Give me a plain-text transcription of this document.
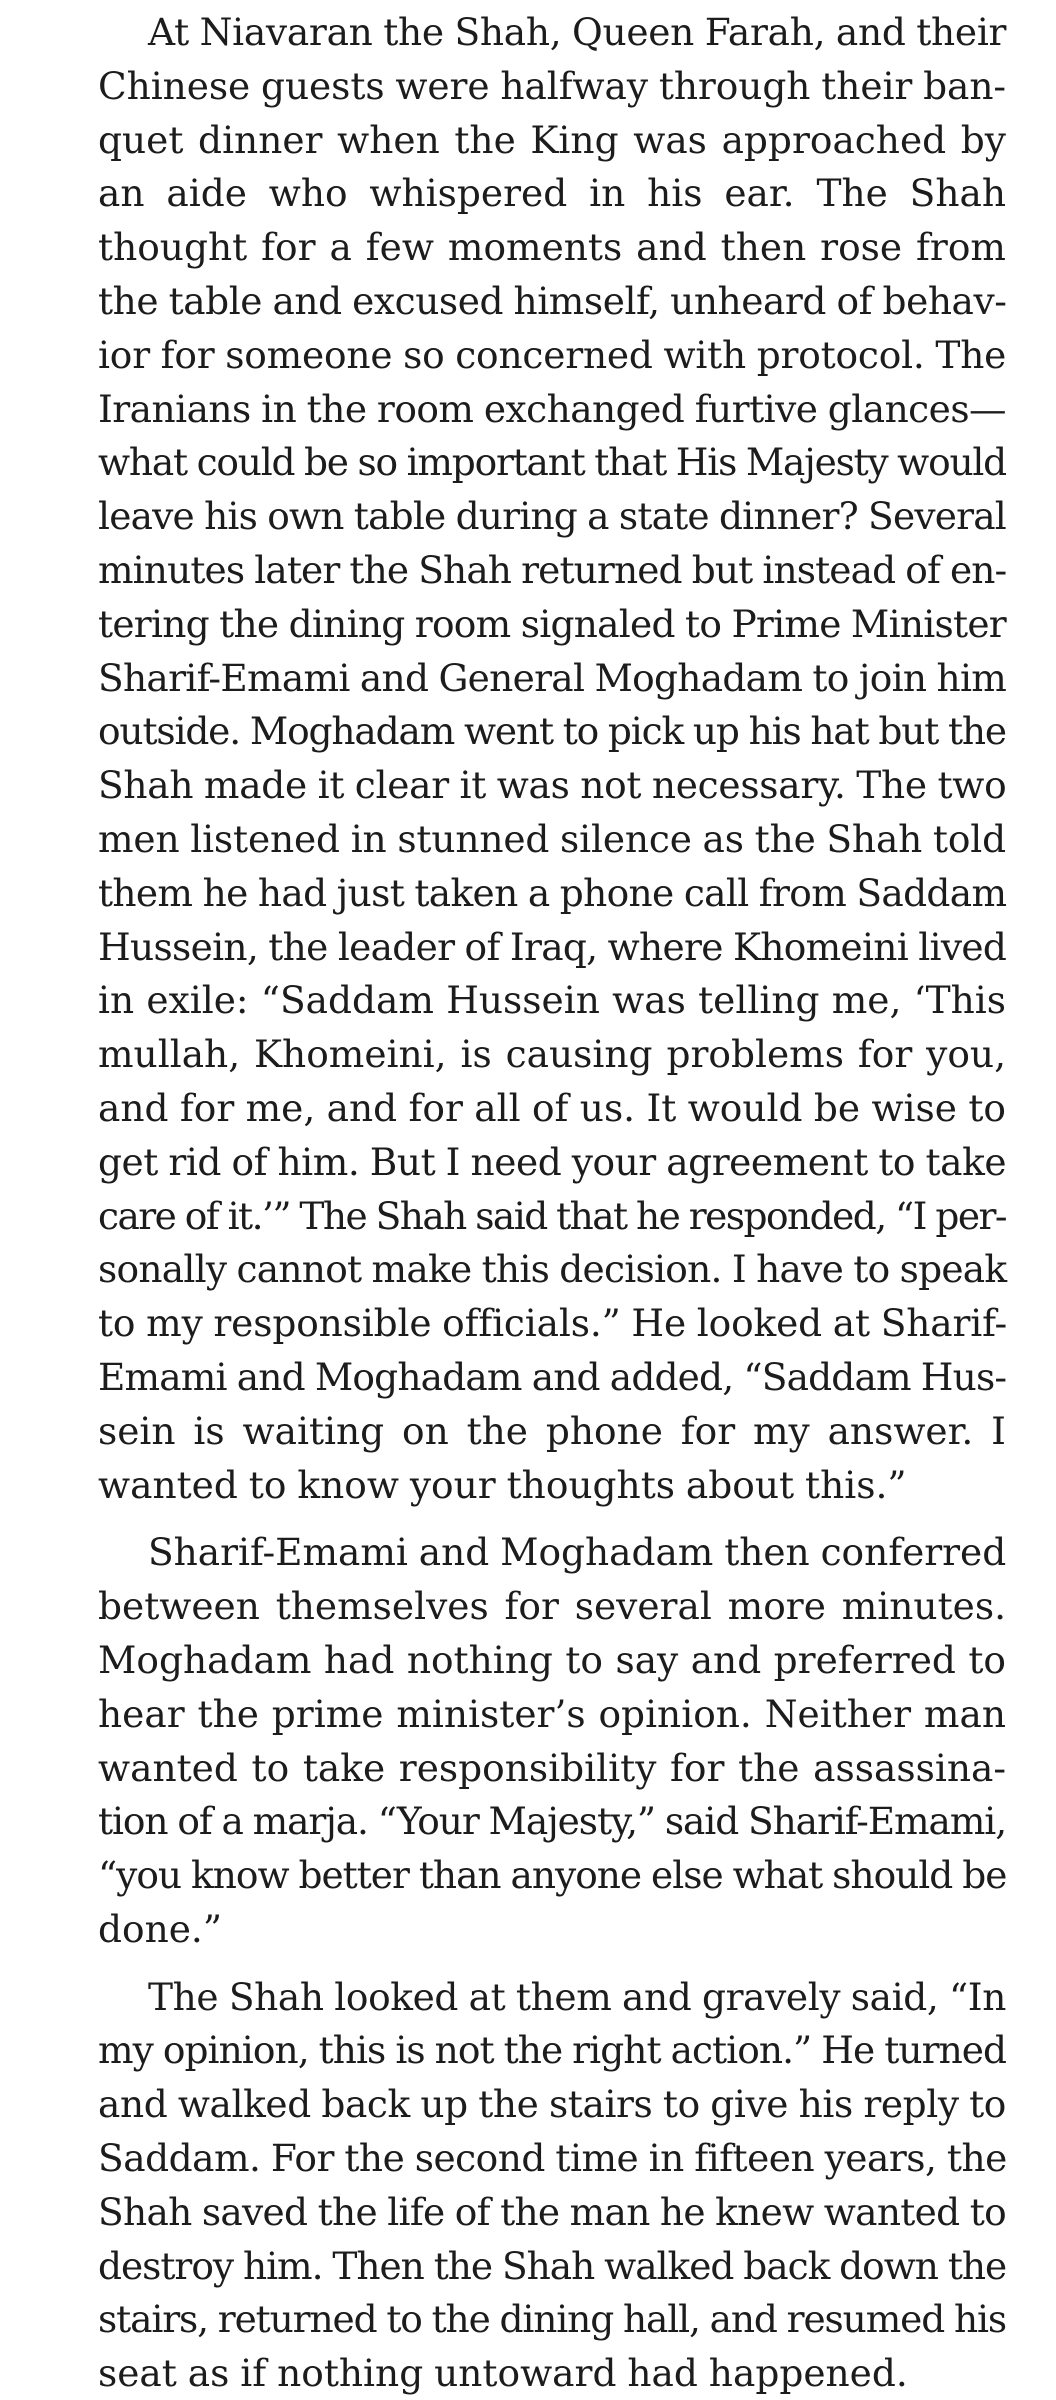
At Niavaran the Shah, Queen Farah, and their
Chinese guests were halfway through their ban-
quet dinner when the King was approached by
an aide who whispered in his ear. The Shah
thought for a few moments and then rose from
the table and excused himself, unheard of behav-
ior for someone so concerned with protocol. The
Iranians in the room exchanged furtive glances—
what could be so important that His Majesty would
leave his own table during a state dinner? Several
minutes later the Shah returned but instead of en-
tering the dining room signaled to Prime Minister
Sharif-Emami and General Moghadam to join him
outside. Moghadam went to pick up his hat but the
Shah made it clear it was not necessary. The two
men listened in stunned silence as the Shah told
them he had just taken a phone call from Saddam
Hussein, the leader of Iraq, where Khomeini lived
in exile: “Saddam Hussein was telling me, ‘This
mullah, Khomeini, is causing problems for you,
and for me, and for all of us. It would be wise to
get rid of him. But I need your agreement to take
care of it.’” The Shah said that he responded, “I per-
sonally cannot make this decision. I have to speak
to my responsible officials.” He looked at Sharif-
Emami and Moghadam and added, “Saddam Hus-
sein is waiting on the phone for my answer. I
wanted to know your thoughts about this.”
Sharif-Emami and Moghadam then conferred
between themselves for several more minutes.
Moghadam had nothing to say and preferred to
hear the prime minister’s opinion. Neither man
wanted to take responsibility for the assassina-
tion of a marja. “Your Majesty,” said Sharif-Emami,
“you know better than anyone else what should be
done.”
The Shah looked at them and gravely said, “In
my opinion, this is not the right action.” He turned
and walked back up the stairs to give his reply to
Saddam. For the second time in fifteen years, the
Shah saved the life of the man he knew wanted to
destroy him. Then the Shah walked back down the
stairs, returned to the dining hall, and resumed his
seat as if nothing untoward had happened.
